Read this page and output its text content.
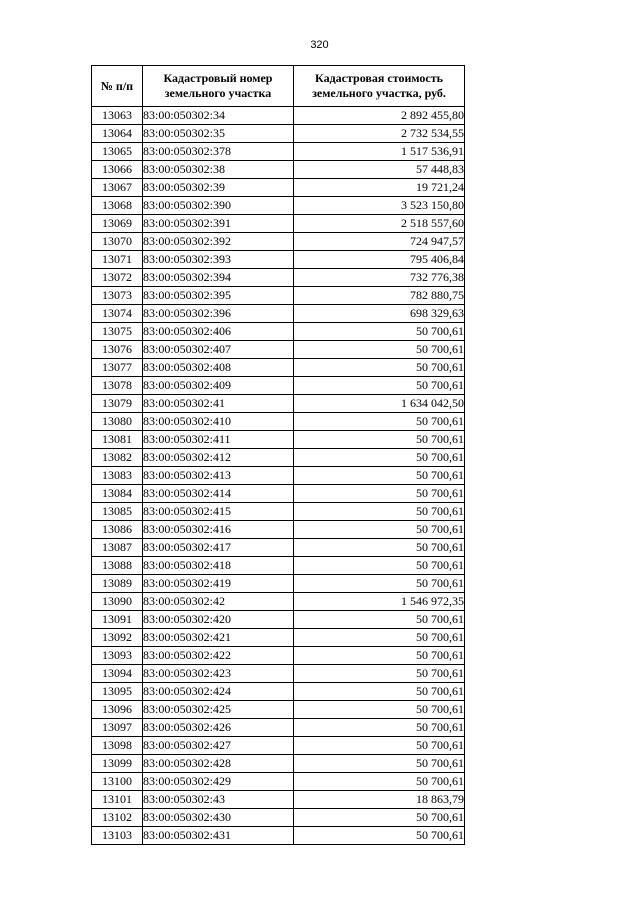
320
№ п/п	Кадастровый номер земельного участка	Кадастровая стоимость земельного участка, руб.
13063	83:00:050302:34	2 892 455,80
13064	83:00:050302:35	2 732 534,55
13065	83:00:050302:378	1 517 536,91
13066	83:00:050302:38	57 448,83
13067	83:00:050302:39	19 721,24
13068	83:00:050302:390	3 523 150,80
13069	83:00:050302:391	2 518 557,60
13070	83:00:050302:392	724 947,57
13071	83:00:050302:393	795 406,84
13072	83:00:050302:394	732 776,38
13073	83:00:050302:395	782 880,75
13074	83:00:050302:396	698 329,63
13075	83:00:050302:406	50 700,61
13076	83:00:050302:407	50 700,61
13077	83:00:050302:408	50 700,61
13078	83:00:050302:409	50 700,61
13079	83:00:050302:41	1 634 042,50
13080	83:00:050302:410	50 700,61
13081	83:00:050302:411	50 700,61
13082	83:00:050302:412	50 700,61
13083	83:00:050302:413	50 700,61
13084	83:00:050302:414	50 700,61
13085	83:00:050302:415	50 700,61
13086	83:00:050302:416	50 700,61
13087	83:00:050302:417	50 700,61
13088	83:00:050302:418	50 700,61
13089	83:00:050302:419	50 700,61
13090	83:00:050302:42	1 546 972,35
13091	83:00:050302:420	50 700,61
13092	83:00:050302:421	50 700,61
13093	83:00:050302:422	50 700,61
13094	83:00:050302:423	50 700,61
13095	83:00:050302:424	50 700,61
13096	83:00:050302:425	50 700,61
13097	83:00:050302:426	50 700,61
13098	83:00:050302:427	50 700,61
13099	83:00:050302:428	50 700,61
13100	83:00:050302:429	50 700,61
13101	83:00:050302:43	18 863,79
13102	83:00:050302:430	50 700,61
13103	83:00:050302:431	50 700,61
